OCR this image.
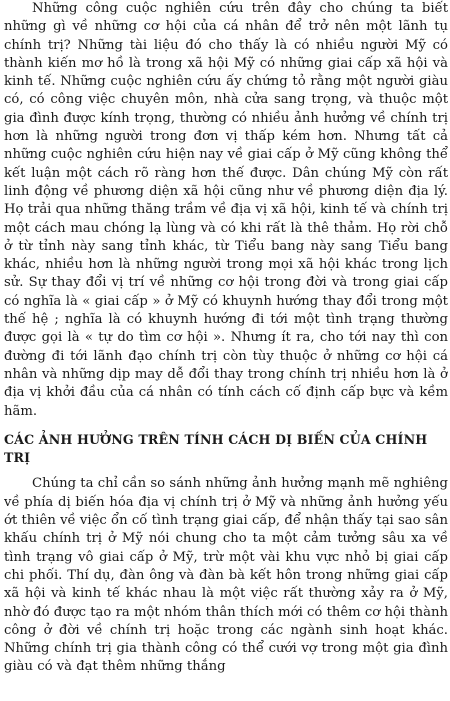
Những công cuộc nghiên cứu trên đây cho chúng ta biết những gì về những cơ hội của cá nhân để trở nên một lãnh tụ chính trị? Những tài liệu đó cho thấy là có nhiều người Mỹ có thành kiến mơ hồ là trong xã hội Mỹ có những giai cấp xã hội và kinh tế. Những cuộc nghiên cứu ấy chứng tỏ rằng một người giàu có, có công việc chuyên môn, nhà cửa sang trọng, và thuộc một gia đình được kính trọng, thường có nhiều ảnh hưởng về chính trị hơn là những người trong đơn vị thấp kém hơn. Nhưng tất cả những cuộc nghiên cứu hiện nay về giai cấp ở Mỹ cũng không thể kết luận một cách rõ ràng hơn thế được. Dân chúng Mỹ còn rất linh động về phương diện xã hội cũng như về phương diện địa lý. Họ trải qua những thăng trầm về địa vị xã hội, kinh tế và chính trị một cách mau chóng lạ lùng và có khi rất là thê thảm. Họ rời chỗ ở từ tỉnh này sang tỉnh khác, từ Tiểu bang này sang Tiểu bang khác, nhiều hơn là những người trong mọi xã hội khác trong lịch sử. Sự thay đổi vị trí về những cơ hội trong đời và trong giai cấp có nghĩa là « giai cấp » ở Mỹ có khuynh hướng thay đổi trong một thế hệ ; nghĩa là có khuynh hướng đi tới một tình trạng thường được gọi là « tự do tìm cơ hội ». Nhưng ít ra, cho tới nay thì con đường đi tới lãnh đạo chính trị còn tùy thuộc ở những cơ hội cá nhân và những dịp may dễ đổi thay trong chính trị nhiều hơn là ở địa vị khởi đầu của cá nhân có tính cách cố định cấp bực và kềm hãm.

CÁC ẢNH HƯỞNG TRÊN TÍNH CÁCH DỊ BIẾN CỦA CHÍNH TRỊ

Chúng ta chỉ cần so sánh những ảnh hưởng mạnh mẽ nghiêng về phía dị biến hóa địa vị chính trị ở Mỹ và những ảnh hưởng yếu ớt thiên về việc ổn cố tình trạng giai cấp, để nhận thấy tại sao sân khấu chính trị ở Mỹ nói chung cho ta một cảm tưởng sâu xa về tình trạng vô giai cấp ở Mỹ, trừ một vài khu vực nhỏ bị giai cấp chi phối. Thí dụ, đàn ông và đàn bà kết hôn trong những giai cấp xã hội và kinh tế khác nhau là một việc rất thường xảy ra ở Mỹ, nhờ đó được tạo ra một nhóm thân thích mới có thêm cơ hội thành công ở đời về chính trị hoặc trong các ngành sinh hoạt khác. Những chính trị gia thành công có thể cưới vợ trong một gia đình giàu có và đạt thêm những thắng
